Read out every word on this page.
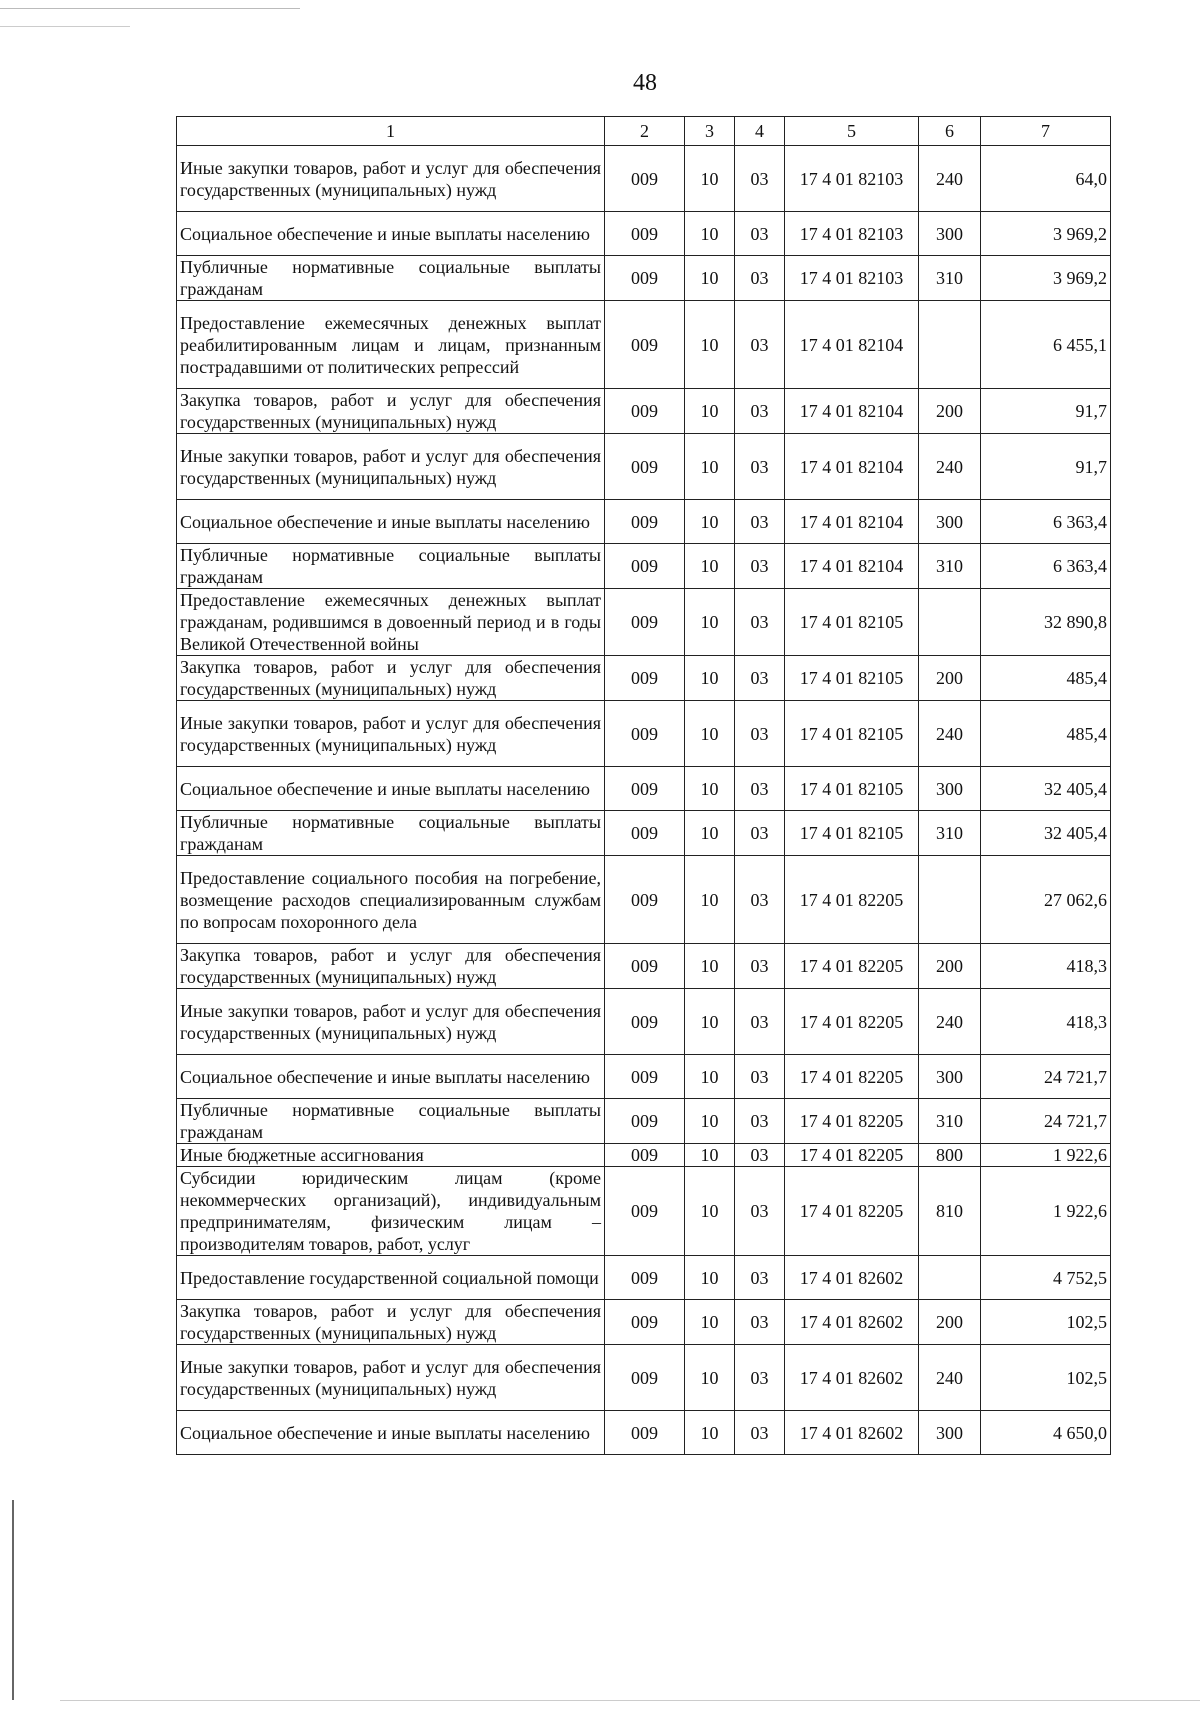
48
1	2	3	4	5	6	7
Иные закупки товаров, работ и услуг для обеспечения государственных (муниципальных) нужд	009	10	03	17 4 01 82103	240	64,0
Социальное обеспечение и иные выплаты населению	009	10	03	17 4 01 82103	300	3 969,2
Публичные нормативные социальные выплаты гражданам	009	10	03	17 4 01 82103	310	3 969,2
Предоставление ежемесячных денежных выплат реабилитированным лицам и лицам, признанным пострадавшими от политических репрессий	009	10	03	17 4 01 82104		6 455,1
Закупка товаров, работ и услуг для обеспечения государственных (муниципальных) нужд	009	10	03	17 4 01 82104	200	91,7
Иные закупки товаров, работ и услуг для обеспечения государственных (муниципальных) нужд	009	10	03	17 4 01 82104	240	91,7
Социальное обеспечение и иные выплаты населению	009	10	03	17 4 01 82104	300	6 363,4
Публичные нормативные социальные выплаты гражданам	009	10	03	17 4 01 82104	310	6 363,4
Предоставление ежемесячных денежных выплат гражданам, родившимся в довоенный период и в годы Великой Отечественной войны	009	10	03	17 4 01 82105		32 890,8
Закупка товаров, работ и услуг для обеспечения государственных (муниципальных) нужд	009	10	03	17 4 01 82105	200	485,4
Иные закупки товаров, работ и услуг для обеспечения государственных (муниципальных) нужд	009	10	03	17 4 01 82105	240	485,4
Социальное обеспечение и иные выплаты населению	009	10	03	17 4 01 82105	300	32 405,4
Публичные нормативные социальные выплаты гражданам	009	10	03	17 4 01 82105	310	32 405,4
Предоставление социального пособия на погребение, возмещение расходов специализированным службам по вопросам похоронного дела	009	10	03	17 4 01 82205		27 062,6
Закупка товаров, работ и услуг для обеспечения государственных (муниципальных) нужд	009	10	03	17 4 01 82205	200	418,3
Иные закупки товаров, работ и услуг для обеспечения государственных (муниципальных) нужд	009	10	03	17 4 01 82205	240	418,3
Социальное обеспечение и иные выплаты населению	009	10	03	17 4 01 82205	300	24 721,7
Публичные нормативные социальные выплаты гражданам	009	10	03	17 4 01 82205	310	24 721,7
Иные бюджетные ассигнования	009	10	03	17 4 01 82205	800	1 922,6
Субсидии юридическим лицам (кроме некоммерческих организаций), индивидуальным предпринимателям, физическим лицам – производителям товаров, работ, услуг	009	10	03	17 4 01 82205	810	1 922,6
Предоставление государственной социальной помощи	009	10	03	17 4 01 82602		4 752,5
Закупка товаров, работ и услуг для обеспечения государственных (муниципальных) нужд	009	10	03	17 4 01 82602	200	102,5
Иные закупки товаров, работ и услуг для обеспечения государственных (муниципальных) нужд	009	10	03	17 4 01 82602	240	102,5
Социальное обеспечение и иные выплаты населению	009	10	03	17 4 01 82602	300	4 650,0
